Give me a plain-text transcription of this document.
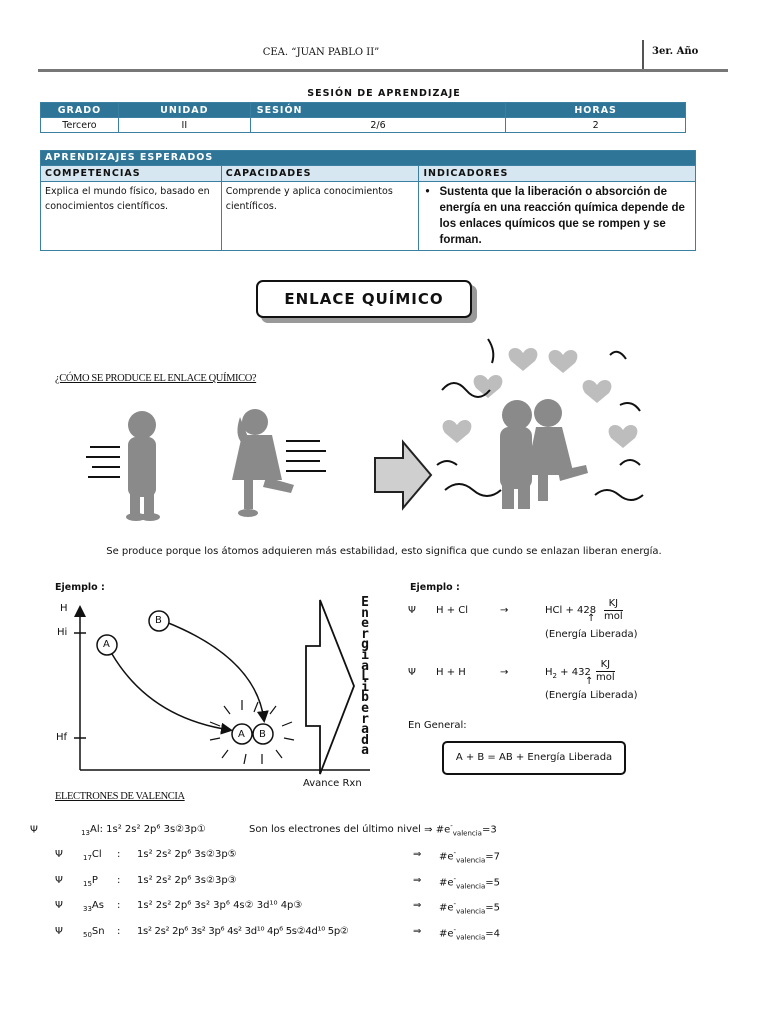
CEA. “JUAN PABLO II”	3er. Año
SESIÓN DE APRENDIZAJE
GRADO	UNIDAD	SESIÓN	HORAS
Tercero	II	2/6	2
APRENDIZAJES ESPERADOS		
COMPETENCIAS	CAPACIDADES	INDICADORES
Explica el mundo físico, basado en conocimientos científicos.	Comprende y aplica conocimientos científicos.	• Sustenta que la liberación o absorción de energía en una reacción química depende de los enlaces químicos que se rompen y se forman.
ENLACE QUÍMICO
¿CÓMO SE PRODUCE EL ENLACE QUÍMICO?
Se produce porque los átomos adquieren más estabilidad, esto significa que cundo se enlazan liberan energía.
Ejemplo :
H
Hi
Hf
Avance Rxn
A
B
A B
E
n
e
r
g
í
a
L
i
b
e
r
a
d
a
Ejemplo :
Ψ H + Cl	→	HCl + 428
KJ
mol
↑
(Energía Liberada)
Ψ H + H	→	$H_2 + 432$
KJ
mol
↑
(Energía Liberada)
En General:
A + B = AB + Energía Liberada
ELECTRONES DE VALENCIA
Ψ	$_{13}$Al: 1s² 2s² 2p⁶ 3s②3p①	Son los electrones del último nivel ⇒ $\#e^-_{valencia}=3$
Ψ	$_{17}$Cl : 1s² 2s² 2p⁶ 3s②3p⑤	⇒ $\#e^-_{valencia}=7$
Ψ	$_{15}$P : 1s² 2s² 2p⁶ 3s②3p③	⇒ $\#e^-_{valencia}=5$
Ψ	$_{33}$As : 1s² 2s² 2p⁶ 3s² 3p⁶ 4s② 3d¹⁰ 4p③	⇒ $\#e^-_{valencia}=5$
Ψ	$_{50}$Sn : 1s² 2s² 2p⁶ 3s² 3p⁶ 4s² 3d¹⁰ 4p⁶ 5s②4d¹⁰ 5p②	⇒ $\#e^-_{valencia}=4$
